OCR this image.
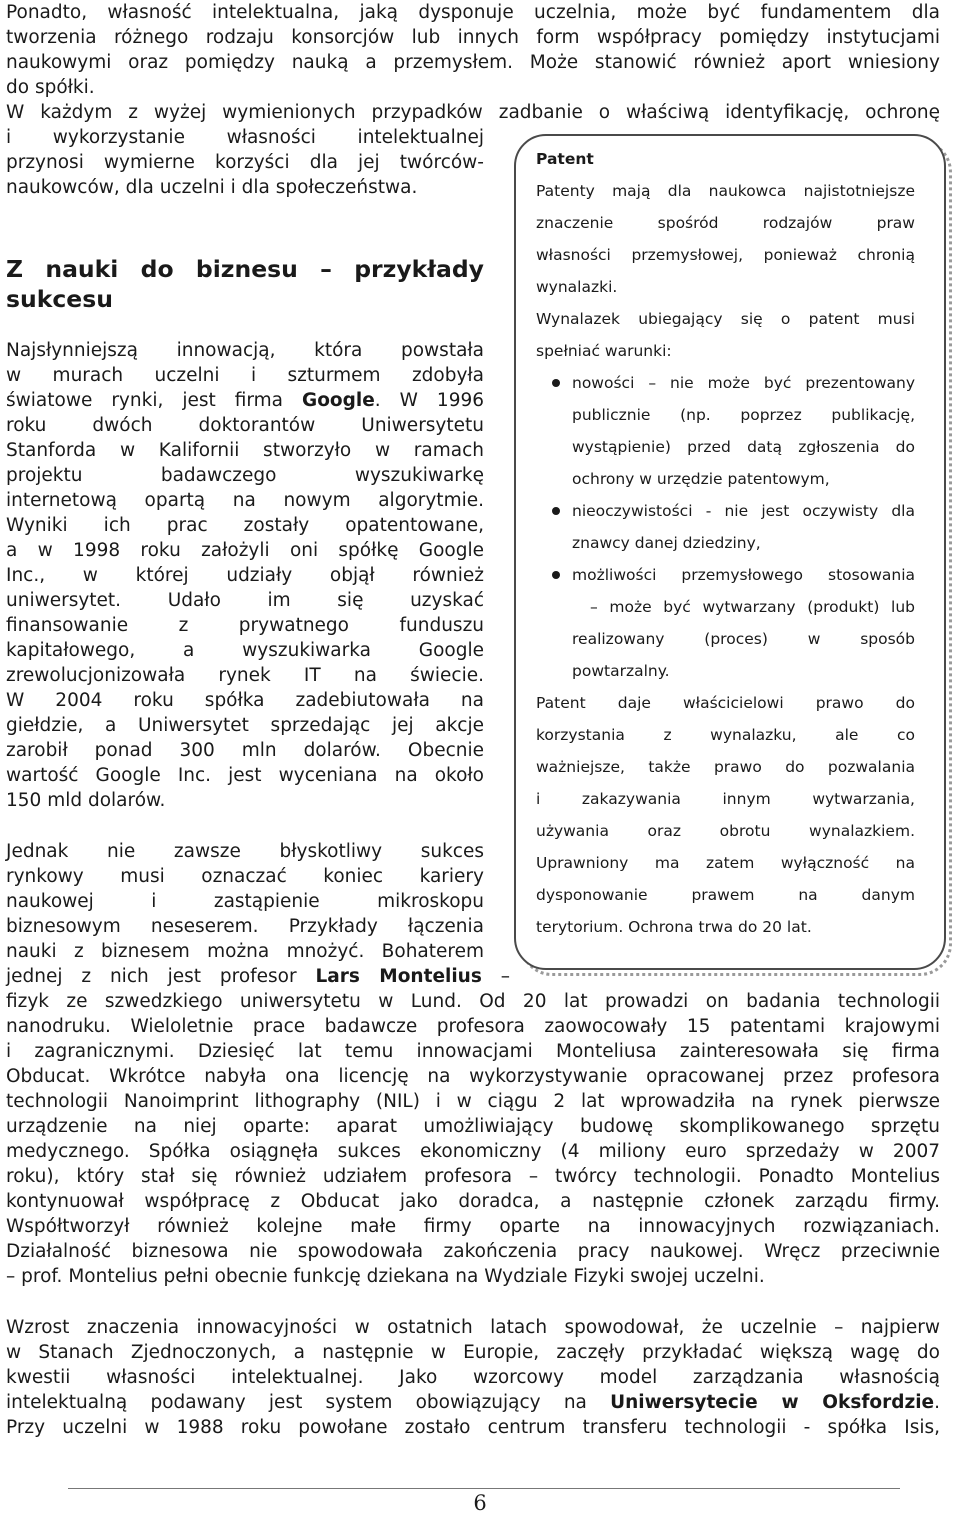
Ponadto, własność intelektualna, jaką dysponuje uczelnia, może być fundamentem dla
tworzenia różnego rodzaju konsorcjów lub innych form współpracy pomiędzy instytucjami
naukowymi oraz pomiędzy nauką a przemysłem. Może stanowić również aport wniesiony
do spółki.
W każdym z wyżej wymienionych przypadków zadbanie o właściwą identyfikację, ochronę
i wykorzystanie własności intelektualnej
przynosi wymierne korzyści dla jej twórców-
naukowców, dla uczelni i dla społeczeństwa.
Z nauki do biznesu – przykłady
sukcesu
Najsłynniejszą innowacją, która powstała
w murach uczelni i szturmem zdobyła
światowe rynki, jest firma Google. W 1996
roku dwóch doktorantów Uniwersytetu
Stanforda w Kalifornii stworzyło w ramach
projektu badawczego wyszukiwarkę
internetową opartą na nowym algorytmie.
Wyniki ich prac zostały opatentowane,
a w 1998 roku założyli oni spółkę Google
Inc., w której udziały objął również
uniwersytet. Udało im się uzyskać
finansowanie z prywatnego funduszu
kapitałowego, a wyszukiwarka Google
zrewolucjonizowała rynek IT na świecie.
W 2004 roku spółka zadebiutowała na
giełdzie, a Uniwersytet sprzedając jej akcje
zarobił ponad 300 mln dolarów. Obecnie
wartość Google Inc. jest wyceniana na około
150 mld dolarów.
Jednak nie zawsze błyskotliwy sukces
rynkowy musi oznaczać koniec kariery
naukowej i zastąpienie mikroskopu
biznesowym neseserem. Przykłady łączenia
nauki z biznesem można mnożyć. Bohaterem
jednej z nich jest profesor Lars Montelius –
fizyk ze szwedzkiego uniwersytetu w Lund. Od 20 lat prowadzi on badania technologii
nanodruku. Wieloletnie prace badawcze profesora zaowocowały 15 patentami krajowymi
i zagranicznymi. Dziesięć lat temu innowacjami Monteliusa zainteresowała się firma
Obducat. Wkrótce nabyła ona licencję na wykorzystywanie opracowanej przez profesora
technologii Nanoimprint lithography (NIL) i w ciągu 2 lat wprowadziła na rynek pierwsze
urządzenie na niej oparte: aparat umożliwiający budowę skomplikowanego sprzętu
medycznego. Spółka osiągnęła sukces ekonomiczny (4 miliony euro sprzedaży w 2007
roku), który stał się również udziałem profesora – twórcy technologii. Ponadto Montelius
kontynuował współpracę z Obducat jako doradca, a następnie członek zarządu firmy.
Współtworzył również kolejne małe firmy oparte na innowacyjnych rozwiązaniach.
Działalność biznesowa nie spowodowała zakończenia pracy naukowej. Wręcz przeciwnie
– prof. Montelius pełni obecnie funkcję dziekana na Wydziale Fizyki swojej uczelni.
Wzrost znaczenia innowacyjności w ostatnich latach spowodował, że uczelnie – najpierw
w Stanach Zjednoczonych, a następnie w Europie, zaczęły przykładać większą wagę do
kwestii własności intelektualnej. Jako wzorcowy model zarządzania własnością
intelektualną podawany jest system obowiązujący na Uniwersytecie w Oksfordzie.
Przy uczelni w 1988 roku powołane zostało centrum transferu technologii - spółka Isis,
Patent
Patenty mają dla naukowca najistotniejsze
znaczenie spośród rodzajów praw
własności przemysłowej, ponieważ chronią
wynalazki.
Wynalazek ubiegający się o patent musi
spełniać warunki:
nowości – nie może być prezentowany
publicznie (np. poprzez publikację,
wystąpienie) przed datą zgłoszenia do
ochrony w urzędzie patentowym,
nieoczywistości - nie jest oczywisty dla
znawcy danej dziedziny,
możliwości przemysłowego stosowania
– może być wytwarzany (produkt) lub
realizowany (proces) w sposób
powtarzalny.
Patent daje właścicielowi prawo do
korzystania z wynalazku, ale co
ważniejsze, także prawo do pozwalania
i zakazywania innym wytwarzania,
używania oraz obrotu wynalazkiem.
Uprawniony ma zatem wyłączność na
dysponowanie prawem na danym
terytorium. Ochrona trwa do 20 lat.
6
